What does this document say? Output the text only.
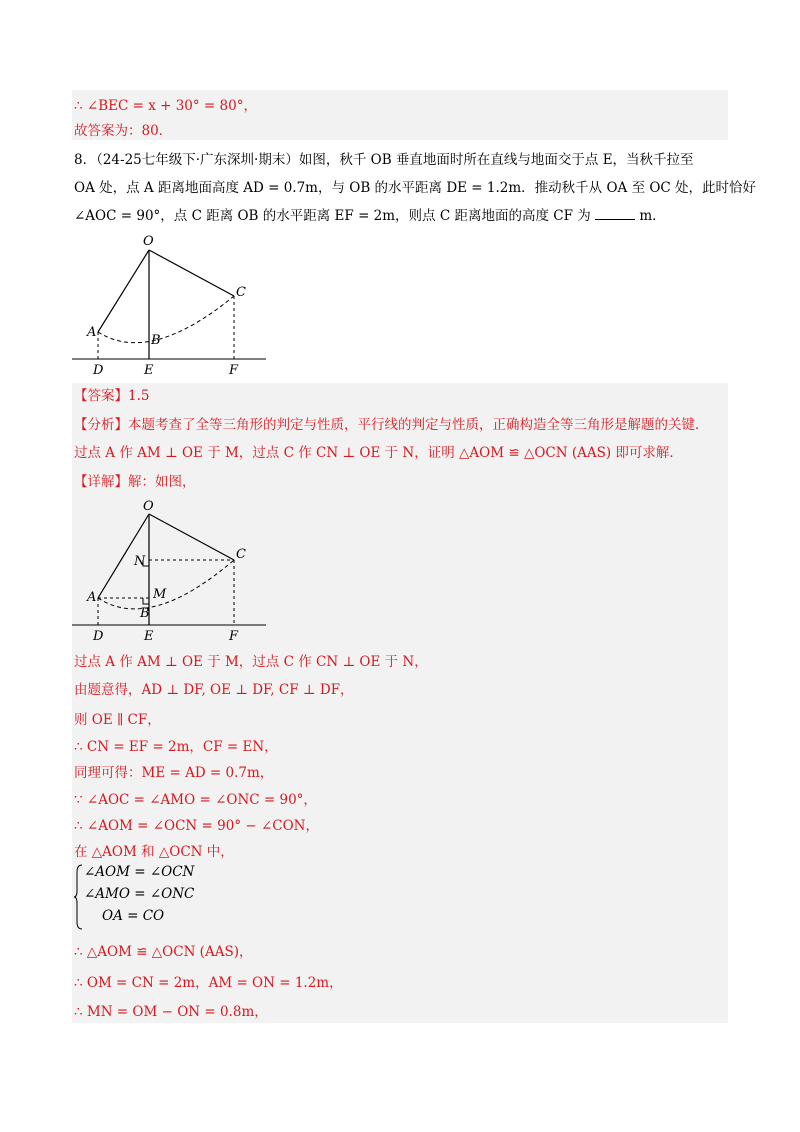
∴ ∠BEC = x + 30° = 80°，
故答案为：80．
8．（24-25七年级下·广东深圳·期末）如图，秋千 OB 垂直地面时所在直线与地面交于点 E，当秋千拉至
OA 处，点 A 距离地面高度 AD = 0.7m，与 OB 的水平距离 DE = 1.2m．推动秋千从 OA 至 OC 处，此时恰好
∠AOC = 90°，点 C 距离 OB 的水平距离 EF = 2m，则点 C 距离地面的高度 CF 为	m．
O
A
B
C
D	E	F
【答案】1.5
【分析】本题考查了全等三角形的判定与性质，平行线的判定与性质，正确构造全等三角形是解题的关键．
过点 A 作 AM ⊥ OE 于 M，过点 C 作 CN ⊥ OE 于 N，证明 △AOM ≌ △OCN (AAS) 即可求解．
【详解】解：如图，
O
N	C
A	M
B
D	E	F
过点 A 作 AM ⊥ OE 于 M，过点 C 作 CN ⊥ OE 于 N，
由题意得，AD ⊥ DF, OE ⊥ DF, CF ⊥ DF，
则 OE ∥ CF，
∴ CN = EF = 2m，CF = EN，
同理可得：ME = AD = 0.7m，
∵ ∠AOC = ∠AMO = ∠ONC = 90°，
∴ ∠AOM = ∠OCN = 90° − ∠CON，
在 △AOM 和 △OCN 中，
∠AOM = ∠OCN
∠AMO = ∠ONC
OA = CO
∴ △AOM ≌ △OCN (AAS)，
∴ OM = CN = 2m，AM = ON = 1.2m，
∴ MN = OM − ON = 0.8m，
